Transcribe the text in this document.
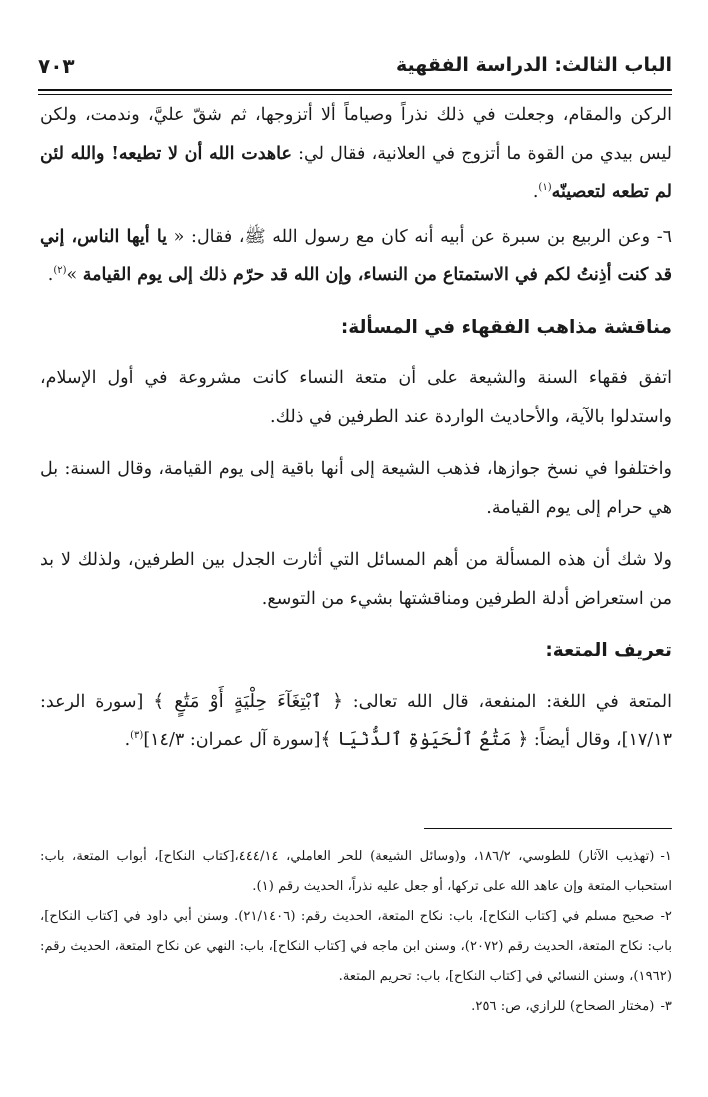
الباب الثالث: الدراسة الفقهية
٧٠٣

الركن والمقام، وجعلت في ذلك نذراً وصياماً ألا أتزوجها، ثم شقّ عليَّ، وندمت، ولكن ليس بيدي من القوة ما أتزوج في العلانية، فقال لي: عاهدت الله أن لا تطيعه! والله لئن لم تطعه لتعصينّه$^{(١)}$.

٦- وعن الربيع بن سبرة عن أبيه أنه كان مع رسول الله ﷺ، فقال: « يا أيها الناس، إني قد كنت أذِنتُ لكم في الاستمتاع من النساء، وإن الله قد حرّم ذلك إلى يوم القيامة »$^{(٢)}$.

مناقشة مذاهب الفقهاء في المسألة:

اتفق فقهاء السنة والشيعة على أن متعة النساء كانت مشروعة في أول الإسلام، واستدلوا بالآية، والأحاديث الواردة عند الطرفين في ذلك.

واختلفوا في نسخ جوازها، فذهب الشيعة إلى أنها باقية إلى يوم القيامة، وقال السنة: بل هي حرام إلى يوم القيامة.

ولا شك أن هذه المسألة من أهم المسائل التي أثارت الجدل بين الطرفين، ولذلك لا بد من استعراض أدلة الطرفين ومناقشتها بشيء من التوسع.

تعريف المتعة:

المتعة في اللغة: المنفعة، قال الله تعالى: ﴿ ٱبْتِغَآءَ حِلْيَةٍ أَوْ مَتَٰعٍ ﴾ [سورة الرعد: ١٧/١٣]، وقال أيضاً: ﴿ مَتَٰعُ ٱلْحَيَوٰةِ ٱلدُّنْيَا ﴾[سورة آل عمران: ١٤/٣]$^{(٣)}$.

١-(تهذيب الآثار) للطوسي، ١٨٦/٢، و(وسائل الشيعة) للحر العاملي، ٤٤٤/١٤،[كتاب النكاح]، أبواب المتعة، باب: استحباب المتعة وإن عاهد الله على تركها، أو جعل عليه نذراً، الحديث رقم (١).

٢-صحيح مسلم في [كتاب النكاح]، باب: نكاح المتعة، الحديث رقم: (٢١/١٤٠٦). وسنن أبي داود في [كتاب النكاح]، باب: نكاح المتعة، الحديث رقم (٢٠٧٢)، وسنن ابن ماجه في [كتاب النكاح]، باب: النهي عن نكاح المتعة، الحديث رقم: (١٩٦٢)، وسنن النسائي في [كتاب النكاح]، باب: تحريم المتعة.

٣-(مختار الصحاح) للرازي، ص: ٢٥٦.
